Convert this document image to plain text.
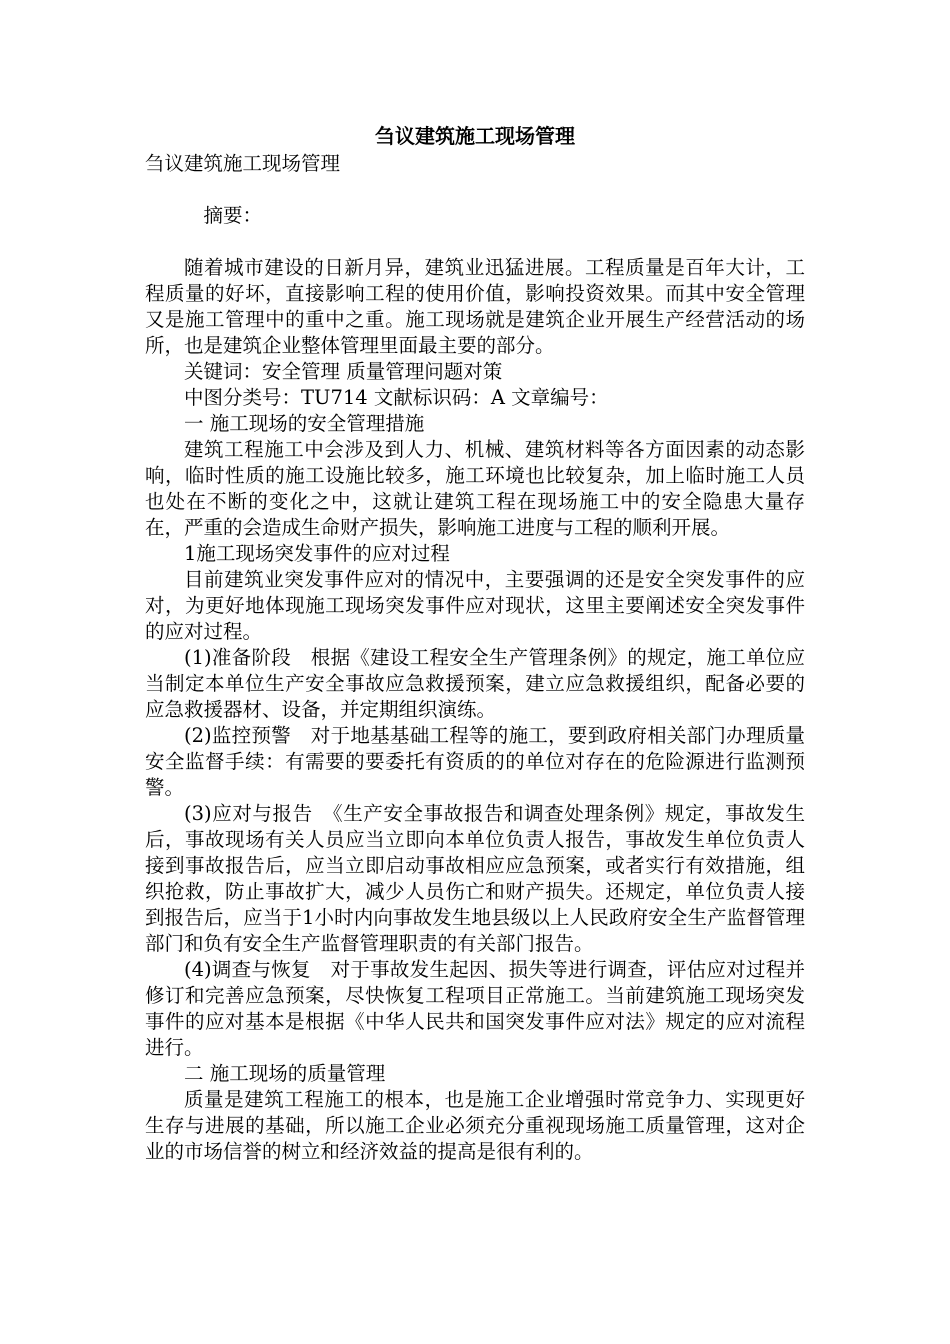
刍议建筑施工现场管理

刍议建筑施工现场管理

摘要：

随着城市建设的日新月异，建筑业迅猛进展。工程质量是百年大计，工程质量的好坏，直接影响工程的使用价值，影响投资效果。而其中安全管理又是施工管理中的重中之重。施工现场就是建筑企业开展生产经营活动的场所，也是建筑企业整体管理里面最主要的部分。

关键词：安全管理 质量管理问题对策

中图分类号：TU714 文献标识码：A 文章编号：

一 施工现场的安全管理措施

建筑工程施工中会涉及到人力、机械、建筑材料等各方面因素的动态影响，临时性质的施工设施比较多，施工环境也比较复杂，加上临时施工人员也处在不断的变化之中，这就让建筑工程在现场施工中的安全隐患大量存在，严重的会造成生命财产损失，影响施工进度与工程的顺利开展。

1施工现场突发事件的应对过程

目前建筑业突发事件应对的情况中，主要强调的还是安全突发事件的应对，为更好地体现施工现场突发事件应对现状，这里主要阐述安全突发事件的应对过程。

(1)准备阶段　根据《建设工程安全生产管理条例》的规定，施工单位应当制定本单位生产安全事故应急救援预案，建立应急救援组织，配备必要的应急救援器材、设备，并定期组织演练。

(2)监控预警　对于地基基础工程等的施工，要到政府相关部门办理质量安全监督手续：有需要的要委托有资质的的单位对存在的危险源进行监测预警。

(3)应对与报告　《生产安全事故报告和调查处理条例》规定，事故发生后，事故现场有关人员应当立即向本单位负责人报告，事故发生单位负责人接到事故报告后，应当立即启动事故相应应急预案，或者实行有效措施，组织抢救，防止事故扩大，减少人员伤亡和财产损失。还规定，单位负责人接到报告后，应当于1小时内向事故发生地县级以上人民政府安全生产监督管理部门和负有安全生产监督管理职责的有关部门报告。

(4)调查与恢复　对于事故发生起因、损失等进行调查，评估应对过程并修订和完善应急预案，尽快恢复工程项目正常施工。当前建筑施工现场突发事件的应对基本是根据《中华人民共和国突发事件应对法》规定的应对流程进行。

二 施工现场的质量管理

质量是建筑工程施工的根本，也是施工企业增强时常竞争力、实现更好生存与进展的基础，所以施工企业必须充分重视现场施工质量管理，这对企业的市场信誉的树立和经济效益的提高是很有利的。
